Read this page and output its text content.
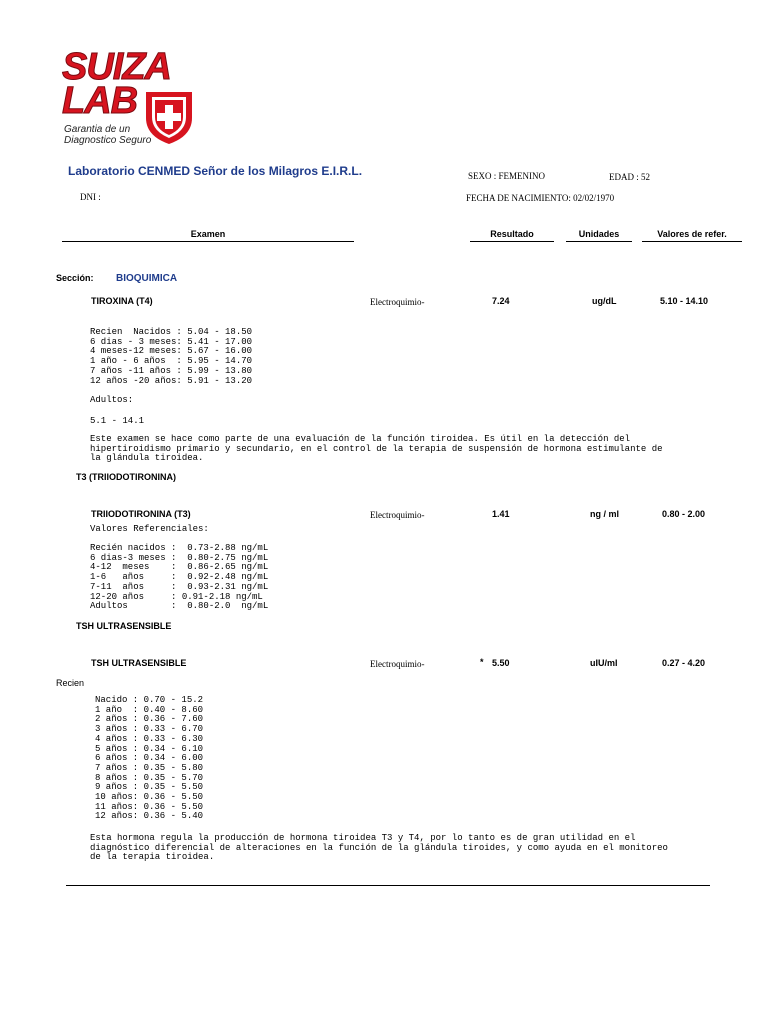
SUIZA
LAB
Garantia de un
Diagnostico Seguro
Laboratorio CENMED Señor de los Milagros E.I.R.L.	SEXO : FEMENINO	EDAD : 52
DNI :	FECHA DE NACIMIENTO: 02/02/1970
Examen	Resultado	Unidades	Valores de refer.
Sección: BIOQUIMICA
TIROXINA (T4)	Electroquimio-	7.24	ug/dL	5.10 - 14.10
Recien  Nacidos : 5.04 - 18.50
6 dias - 3 meses: 5.41 - 17.00
4 meses-12 meses: 5.67 - 16.00
1 año - 6 años  : 5.95 - 14.70
7 años -11 años : 5.99 - 13.80
12 años -20 años: 5.91 - 13.20
Adultos:
5.1 - 14.1
Este examen se hace como parte de una evaluación de la función tiroidea. Es útil en la detección del
hipertiroidismo primario y secundario, en el control de la terapia de suspensión de hormona estimulante de
la glándula tiroidea.
T3 (TRIIODOTIRONINA)
TRIIODOTIRONINA (T3)	Electroquimio-	1.41	ng / ml	0.80 - 2.00
Valores Referenciales:
Recién nacidos :  0.73-2.88 ng/mL
6 dias-3 meses :  0.80-2.75 ng/mL
4-12  meses    :  0.86-2.65 ng/mL
1-6   años     :  0.92-2.48 ng/mL
7-11  años     :  0.93-2.31 ng/mL
12-20 años     : 0.91-2.18 ng/mL
Adultos        :  0.80-2.0  ng/mL
TSH ULTRASENSIBLE
TSH ULTRASENSIBLE	Electroquimio-	* 5.50	uIU/ml	0.27 - 4.20
Recien
Nacido : 0.70 - 15.2
1 año  : 0.40 - 8.60
2 años : 0.36 - 7.60
3 años : 0.33 - 6.70
4 años : 0.33 - 6.30
5 años : 0.34 - 6.10
6 años : 0.34 - 6.00
7 años : 0.35 - 5.80
8 años : 0.35 - 5.70
9 años : 0.35 - 5.50
10 años: 0.36 - 5.50
11 años: 0.36 - 5.50
12 años: 0.36 - 5.40
Esta hormona regula la producción de hormona tiroidea T3 y T4, por lo tanto es de gran utilidad en el
diagnóstico diferencial de alteraciones en la función de la glándula tiroides, y como ayuda en el monitoreo
de la terapia tiroidea.
